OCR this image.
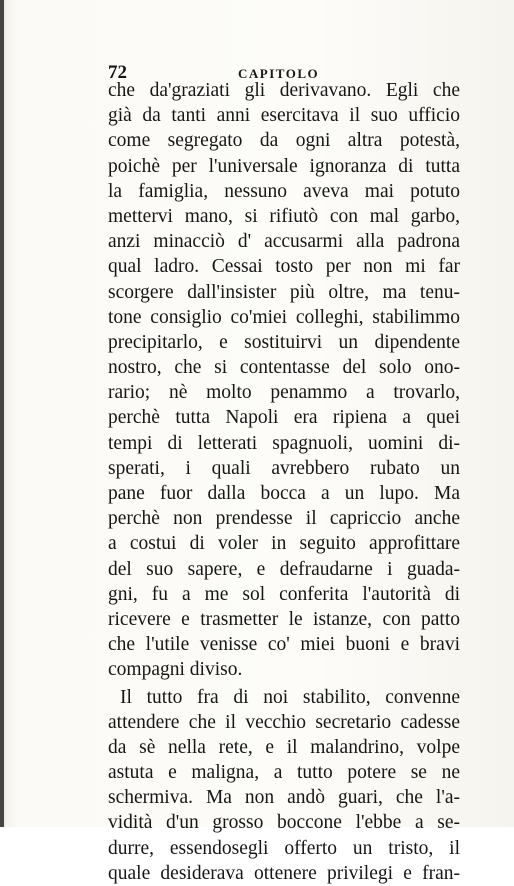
72	CAPITOLO
che da'graziati gli derivavano. Egli che
già da tanti anni esercitava il suo ufficio
come segregato da ogni altra potestà,
poichè per l'universale ignoranza di tutta
la famiglia, nessuno aveva mai potuto
mettervi mano, si rifiutò con mal garbo,
anzi minacciò d' accusarmi alla padrona
qual ladro. Cessai tosto per non mi far
scorgere dall'insister più oltre, ma tenu-
tone consiglio co'miei colleghi, stabilimmo
precipitarlo, e sostituirvi un dipendente
nostro, che si contentasse del solo ono-
rario; nè molto penammo a trovarlo,
perchè tutta Napoli era ripiena a quei
tempi di letterati spagnuoli, uomini di-
sperati, i quali avrebbero rubato un
pane fuor dalla bocca a un lupo. Ma
perchè non prendesse il capriccio anche
a costui di voler in seguito approfittare
del suo sapere, e defraudarne i guada-
gni, fu a me sol conferita l'autorità di
ricevere e trasmetter le istanze, con patto
che l'utile venisse co' miei buoni e bravi
compagni diviso.
Il tutto fra di noi stabilito, convenne
attendere che il vecchio secretario cadesse
da sè nella rete, e il malandrino, volpe
astuta e maligna, a tutto potere se ne
schermiva. Ma non andò guari, che l'a-
vidità d'un grosso boccone l'ebbe a se-
durre, essendosegli offerto un tristo, il
quale desiderava ottenere privilegi e fran-
